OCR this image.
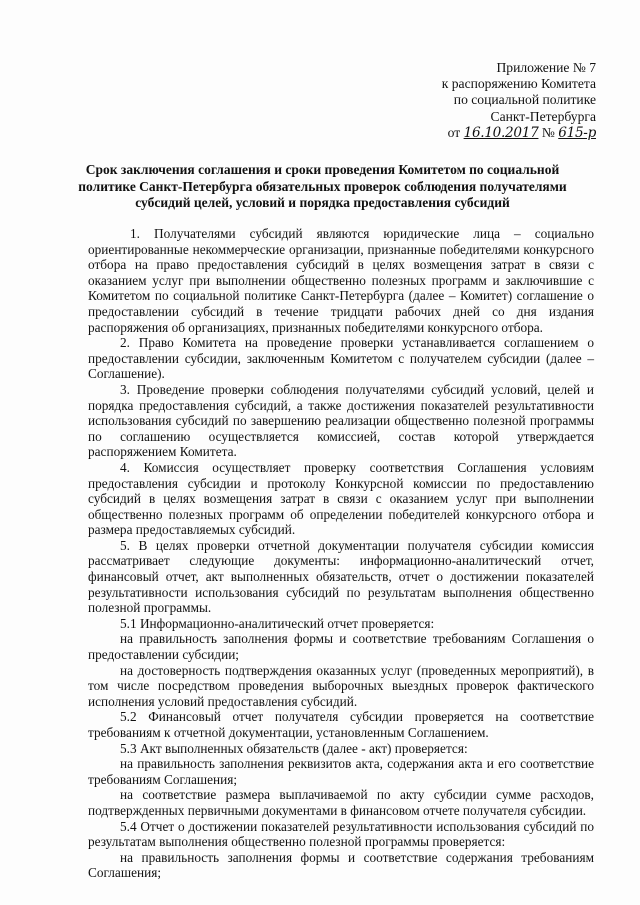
Приложение № 7
к распоряжению Комитета
по социальной политике
Санкт-Петербурга
от 16.10.2017 № 615-р
Срок заключения соглашения и сроки проведения Комитетом по социальной политике Санкт-Петербурга обязательных проверок соблюдения получателями субсидий целей, условий и порядка предоставления субсидий

1. Получателями субсидий являются юридические лица – социально ориентированные некоммерческие организации, признанные победителями конкурсного отбора на право предоставления субсидий в целях возмещения затрат в связи с оказанием услуг при выполнении общественно полезных программ и заключившие с Комитетом по социальной политике Санкт-Петербурга (далее – Комитет) соглашение о предоставлении субсидий в течение тридцати рабочих дней со дня издания распоряжения об организациях, признанных победителями конкурсного отбора.

2. Право Комитета на проведение проверки устанавливается соглашением о предоставлении субсидии, заключенным Комитетом с получателем субсидии (далее – Соглашение).

3. Проведение проверки соблюдения получателями субсидий условий, целей и порядка предоставления субсидий, а также достижения показателей результативности использования субсидий по завершению реализации общественно полезной программы по соглашению осуществляется комиссией, состав которой утверждается распоряжением Комитета.

4. Комиссия осуществляет проверку соответствия Соглашения условиям предоставления субсидии и протоколу Конкурсной комиссии по предоставлению субсидий в целях возмещения затрат в связи с оказанием услуг при выполнении общественно полезных программ об определении победителей конкурсного отбора и размера предоставляемых субсидий.

5. В целях проверки отчетной документации получателя субсидии комиссия рассматривает следующие документы: информационно-аналитический отчет, финансовый отчет, акт выполненных обязательств, отчет о достижении показателей результативности использования субсидий по результатам выполнения общественно полезной программы.

5.1 Информационно-аналитический отчет проверяется:

на правильность заполнения формы и соответствие требованиям Соглашения о предоставлении субсидии;

на достоверность подтверждения оказанных услуг (проведенных мероприятий), в том числе посредством проведения выборочных выездных проверок фактического исполнения условий предоставления субсидий.

5.2 Финансовый отчет получателя субсидии проверяется на соответствие требованиям к отчетной документации, установленным Соглашением.

5.3 Акт выполненных обязательств (далее - акт) проверяется:

на правильность заполнения реквизитов акта, содержания акта и его соответствие требованиям Соглашения;

на соответствие размера выплачиваемой по акту субсидии сумме расходов, подтвержденных первичными документами в финансовом отчете получателя субсидии.

5.4 Отчет о достижении показателей результативности использования субсидий по результатам выполнения общественно полезной программы проверяется:

на правильность заполнения формы и соответствие содержания требованиям Соглашения;
